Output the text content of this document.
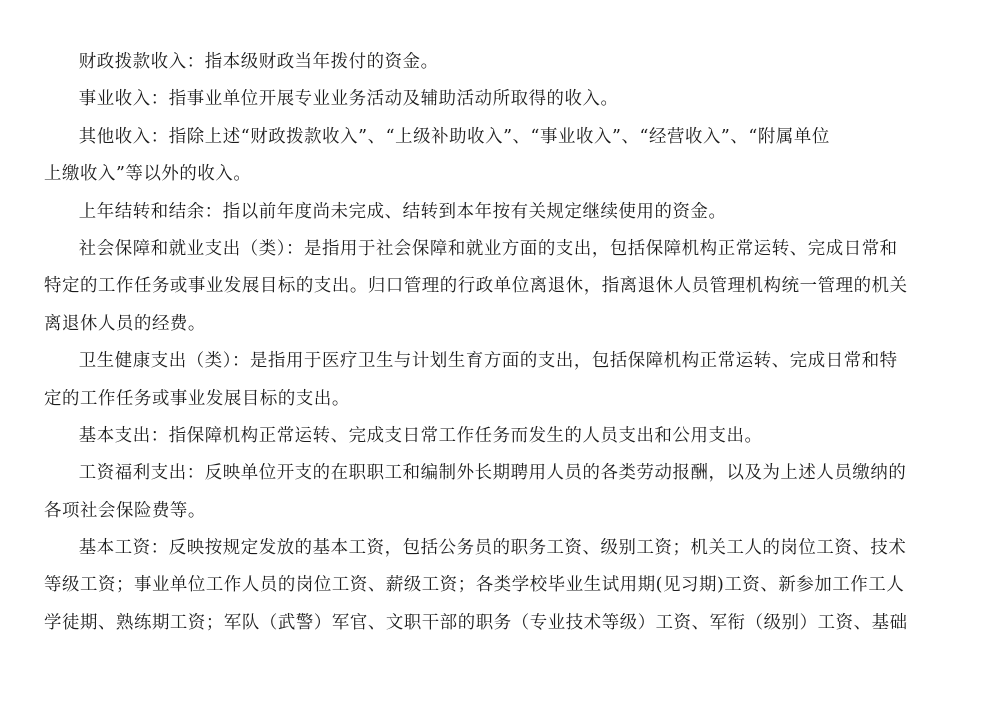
财政拨款收入：指本级财政当年拨付的资金。

事业收入：指事业单位开展专业业务活动及辅助活动所取得的收入。

其他收入：指除上述“财政拨款收入”、“上级补助收入”、“事业收入”、“经营收入”、“附属单位
上缴收入”等以外的收入。

上年结转和结余：指以前年度尚未完成、结转到本年按有关规定继续使用的资金。

社会保障和就业支出（类）：是指用于社会保障和就业方面的支出，包括保障机构正常运转、完成日常和
特定的工作任务或事业发展目标的支出。归口管理的行政单位离退休，指离退休人员管理机构统一管理的机关
离退休人员的经费。

卫生健康支出（类）：是指用于医疗卫生与计划生育方面的支出，包括保障机构正常运转、完成日常和特
定的工作任务或事业发展目标的支出。

基本支出：指保障机构正常运转、完成支日常工作任务而发生的人员支出和公用支出。

工资福利支出：反映单位开支的在职职工和编制外长期聘用人员的各类劳动报酬，以及为上述人员缴纳的
各项社会保险费等。

基本工资：反映按规定发放的基本工资，包括公务员的职务工资、级别工资；机关工人的岗位工资、技术
等级工资；事业单位工作人员的岗位工资、薪级工资；各类学校毕业生试用期(见习期)工资、新参加工作工人
学徒期、熟练期工资；军队（武警）军官、文职干部的职务（专业技术等级）工资、军衔（级别）工资、基础
